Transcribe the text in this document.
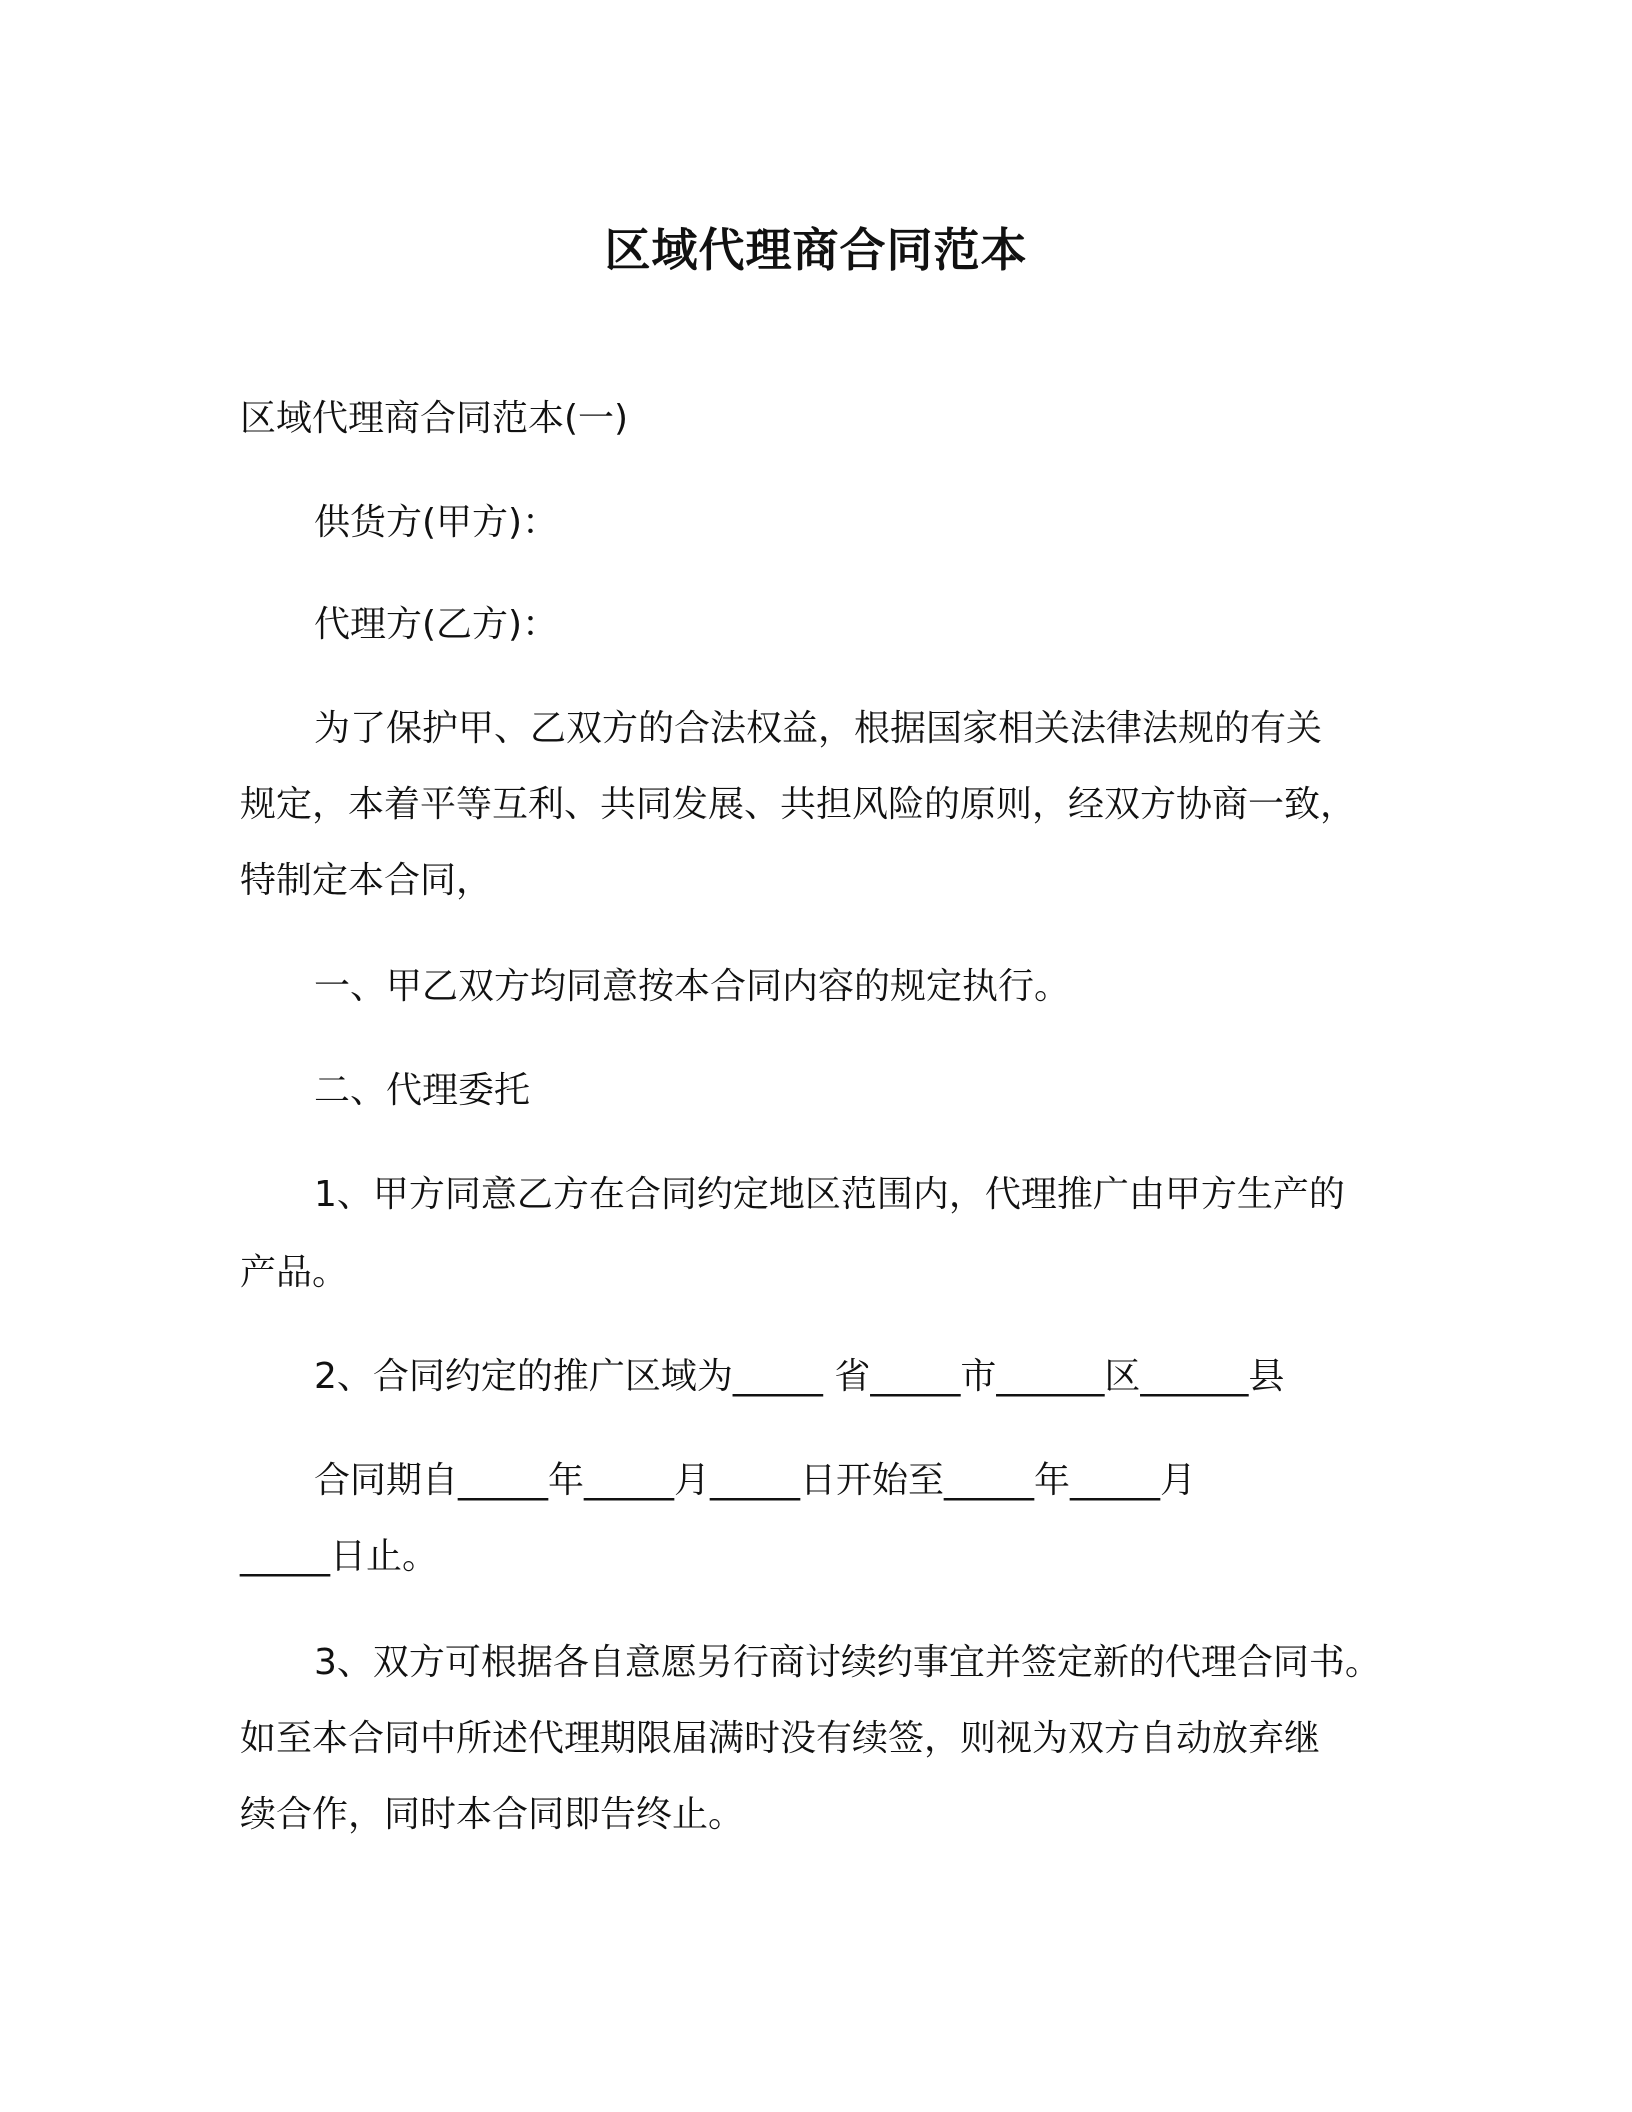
区域代理商合同范本
区域代理商合同范本(一)
供货方(甲方)：
代理方(乙方)：
为了保护甲、乙双方的合法权益，根据国家相关法律法规的有关
规定，本着平等互利、共同发展、共担风险的原则，经双方协商一致，
特制定本合同，
一、甲乙双方均同意按本合同内容的规定执行。
二、代理委托
1、甲方同意乙方在合同约定地区范围内，代理推广由甲方生产的
产品。
2、合同约定的推广区域为_____ 省_____市______区______县
合同期自_____年_____月_____日开始至_____年_____月
_____日止。
3、双方可根据各自意愿另行商讨续约事宜并签定新的代理合同书。
如至本合同中所述代理期限届满时没有续签，则视为双方自动放弃继
续合作，同时本合同即告终止。
